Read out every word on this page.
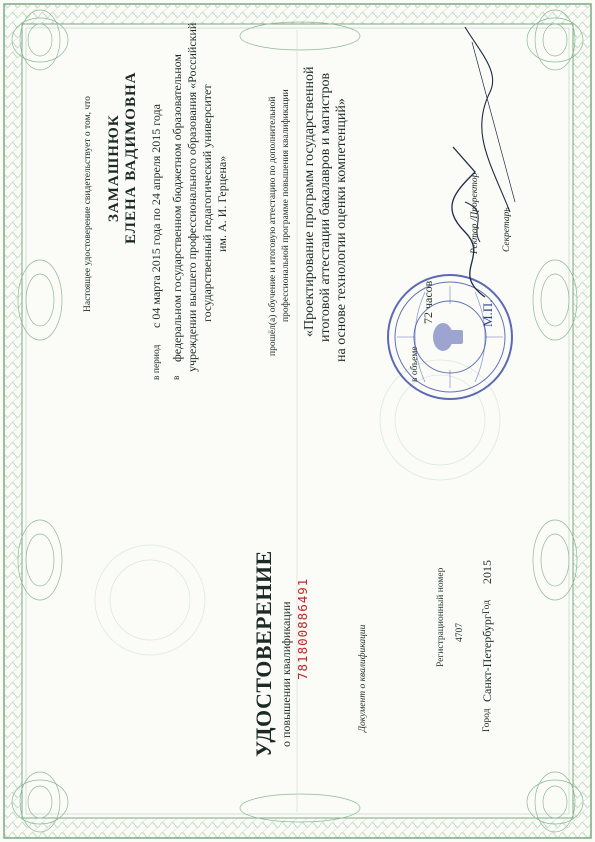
УДОСТОВЕРЕНИЕ о повышении квалификации 781800886491	Документ о квалификации
Регистрационный номер 4707
Город
Санкт-Петербург
Год
2015
Настоящее удостоверение свидетельствует о том, что ЗАМАШНЮК ЕЛЕНА ВАДИМОВНА
в период
с 04 марта 2015 года по 24 апреля 2015 года
в
федеральном государственном бюджетном образовательном учреждении высшего профессионального образования «Российский государственный педагогический университет им. А. И. Герцена»	прошёл(а) обучение и итоговую аттестацию по дополнительной профессиональной программе повышения квалификации «Проектирование программ государственной итоговой аттестации бакалавров и магистров на основе технологии оценки компетенций»
в объеме
72 часов
Ректор /Проректор Секретарь
М.П.
